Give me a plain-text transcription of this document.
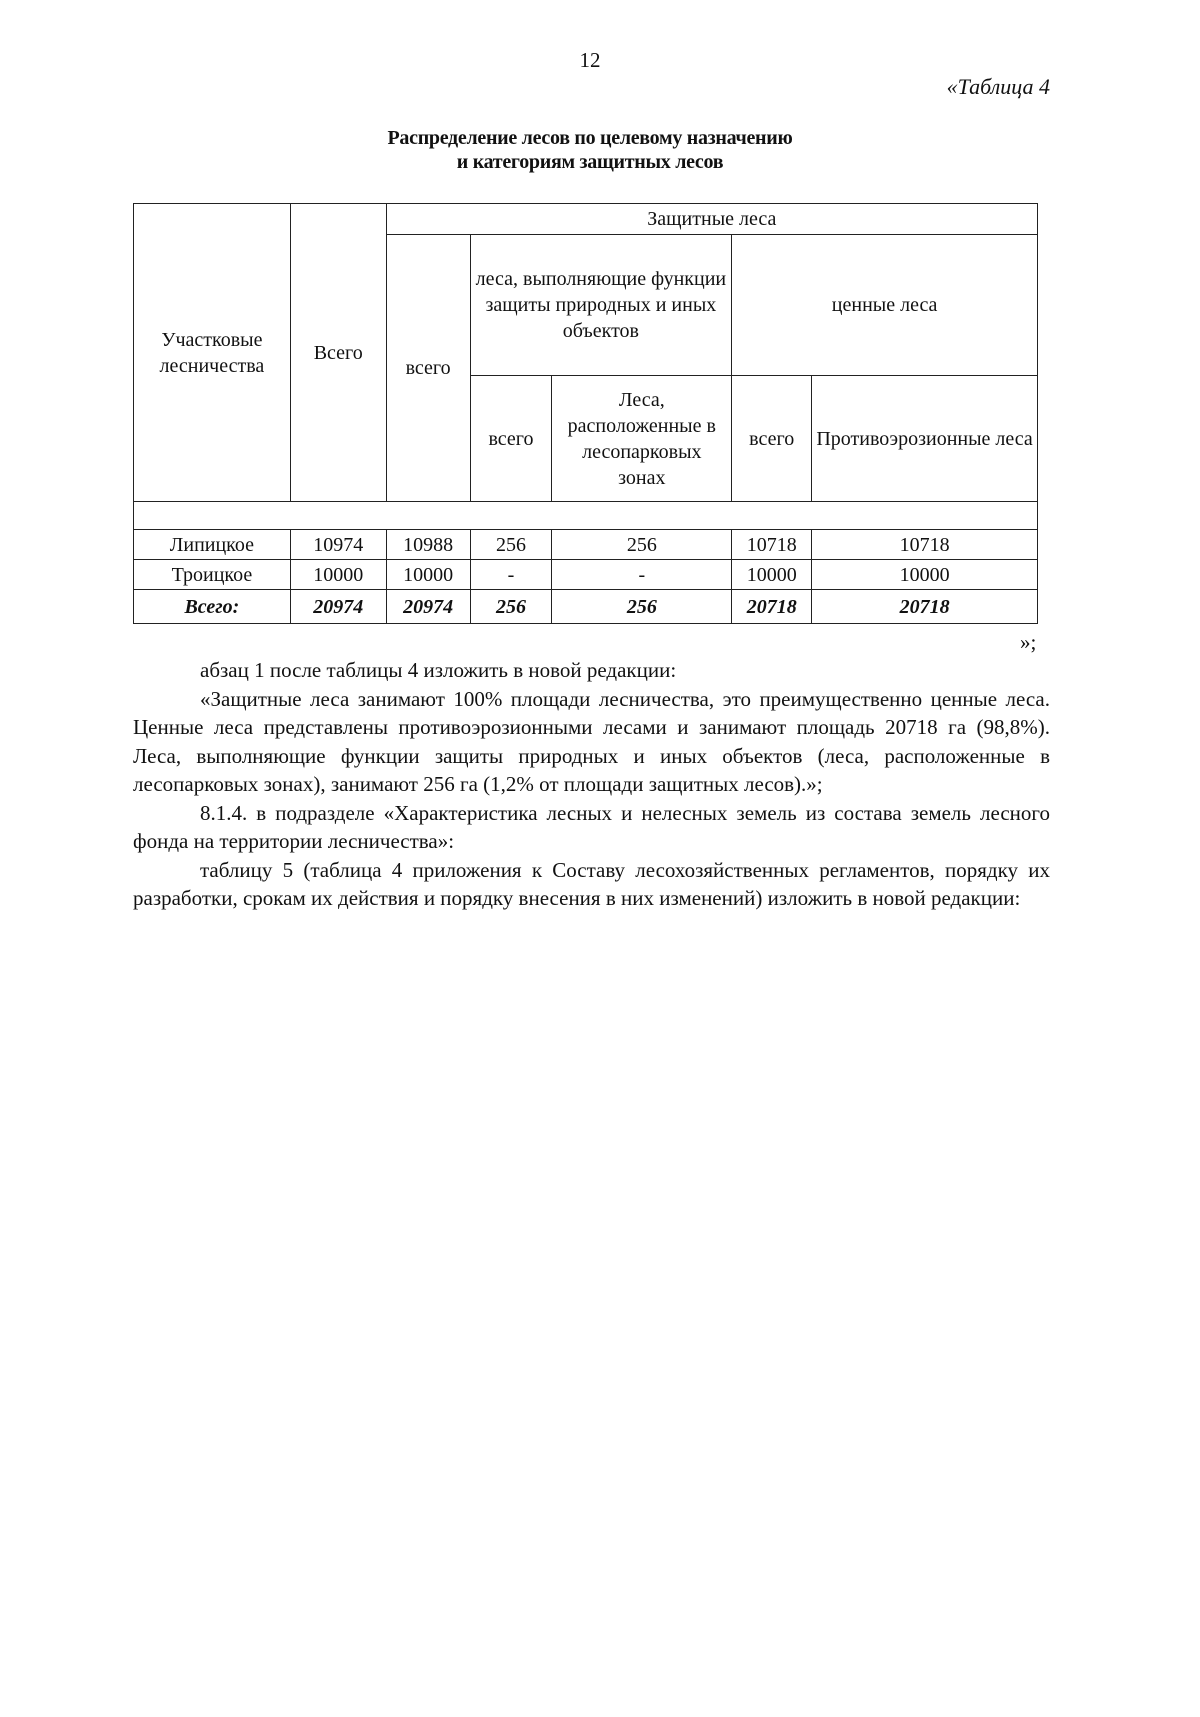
12
«Таблица 4
Распределение лесов по целевому назначению
и категориям защитных лесов
Участковые лесничества	Всего	Защитные леса				
		всего	леса, выполняющие функции защиты природных и иных объектов		ценные леса	
			всего	Леса, расположенные в лесопарковых зонах	всего	Противоэрозионные леса

Липицкое	10974	10988	256	256	10718	10718
Троицкое	10000	10000	-	-	10000	10000
Всего:	20974	20974	256	256	20718	20718
»;

абзац 1 после таблицы 4 изложить в новой редакции:

«Защитные леса занимают 100% площади лесничества, это преимущественно ценные леса. Ценные леса представлены противоэрозионными лесами и занимают площадь 20718 га (98,8%). Леса, выполняющие функции защиты природных и иных объектов (леса, расположенные в лесопарковых зонах), занимают 256 га (1,2% от площади защитных лесов).»;

8.1.4. в подразделе «Характеристика лесных и нелесных земель из состава земель лесного фонда на территории лесничества»:

таблицу 5 (таблица 4 приложения к Составу лесохозяйственных регламентов, порядку их разработки, срокам их действия и порядку внесения в них изменений) изложить в новой редакции:
